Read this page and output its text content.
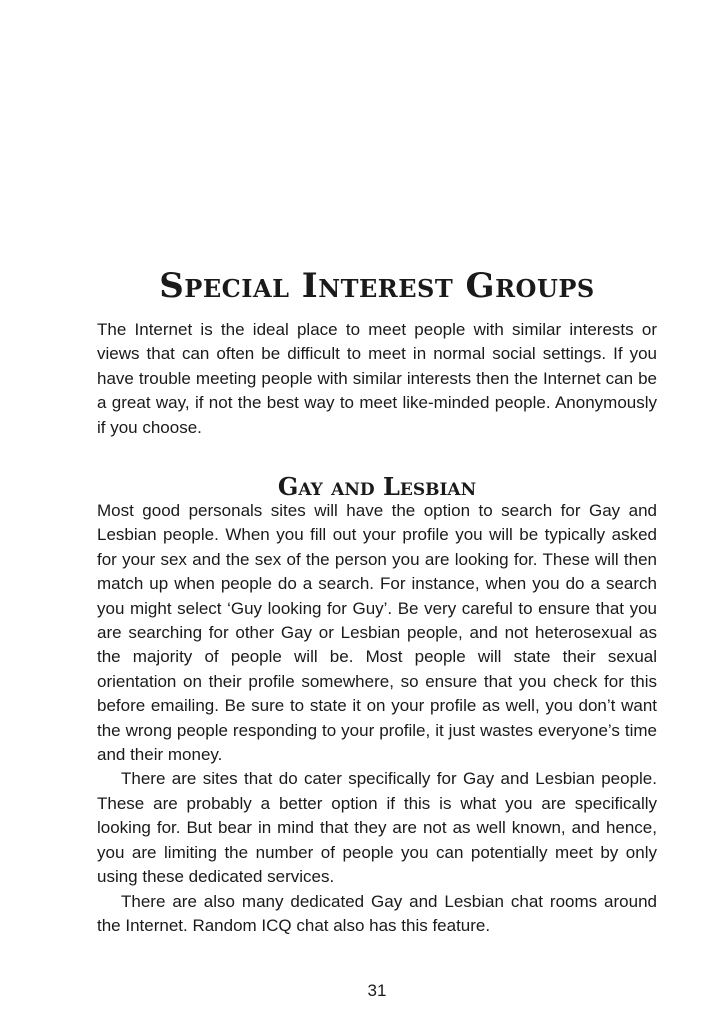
Special Interest Groups

The Internet is the ideal place to meet people with similar interests or views that can often be difficult to meet in normal social settings. If you have trouble meeting people with similar interests then the Internet can be a great way, if not the best way to meet like-minded people. Anonymously if you choose.

Gay and Lesbian

Most good personals sites will have the option to search for Gay and Lesbian people. When you fill out your profile you will be typically asked for your sex and the sex of the person you are looking for. These will then match up when people do a search. For instance, when you do a search you might select ‘Guy looking for Guy’. Be very careful to ensure that you are searching for other Gay or Lesbian people, and not heterosexual as the majority of people will be. Most people will state their sexual orientation on their profile somewhere, so ensure that you check for this before emailing. Be sure to state it on your profile as well, you don’t want the wrong people responding to your profile, it just wastes everyone’s time and their money.

There are sites that do cater specifically for Gay and Lesbian people. These are probably a better option if this is what you are specifically looking for. But bear in mind that they are not as well known, and hence, you are limiting the number of people you can potentially meet by only using these dedicated services.

There are also many dedicated Gay and Lesbian chat rooms around the Internet. Random ICQ chat also has this feature.

31
